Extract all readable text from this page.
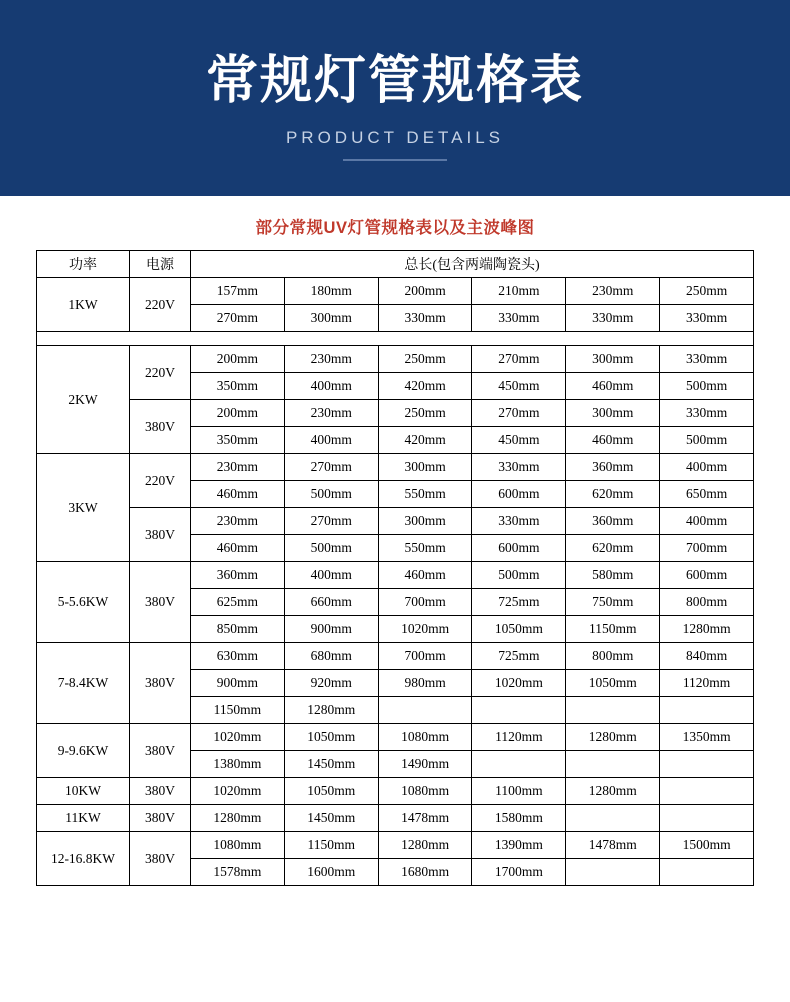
常规灯管规格表
PRODUCT DETAILS
部分常规UV灯管规格表以及主波峰图
功率	电源	总长(包含两端陶瓷头)					
1KW	220V	157mm	180mm	200mm	210mm	230mm	250mm
		270mm	300mm	330mm	330mm	330mm	330mm

2KW	220V	200mm	230mm	250mm	270mm	300mm	330mm
		350mm	400mm	420mm	450mm	460mm	500mm
	380V	200mm	230mm	250mm	270mm	300mm	330mm
		350mm	400mm	420mm	450mm	460mm	500mm
3KW	220V	230mm	270mm	300mm	330mm	360mm	400mm
		460mm	500mm	550mm	600mm	620mm	650mm
	380V	230mm	270mm	300mm	330mm	360mm	400mm
		460mm	500mm	550mm	600mm	620mm	700mm
5-5.6KW	380V	360mm	400mm	460mm	500mm	580mm	600mm
		625mm	660mm	700mm	725mm	750mm	800mm
		850mm	900mm	1020mm	1050mm	1150mm	1280mm
7-8.4KW	380V	630mm	680mm	700mm	725mm	800mm	840mm
		900mm	920mm	980mm	1020mm	1050mm	1120mm
		1150mm	1280mm				
9-9.6KW	380V	1020mm	1050mm	1080mm	1120mm	1280mm	1350mm
		1380mm	1450mm	1490mm			
10KW	380V	1020mm	1050mm	1080mm	1100mm	1280mm	
11KW	380V	1280mm	1450mm	1478mm	1580mm		
12-16.8KW	380V	1080mm	1150mm	1280mm	1390mm	1478mm	1500mm
		1578mm	1600mm	1680mm	1700mm		
